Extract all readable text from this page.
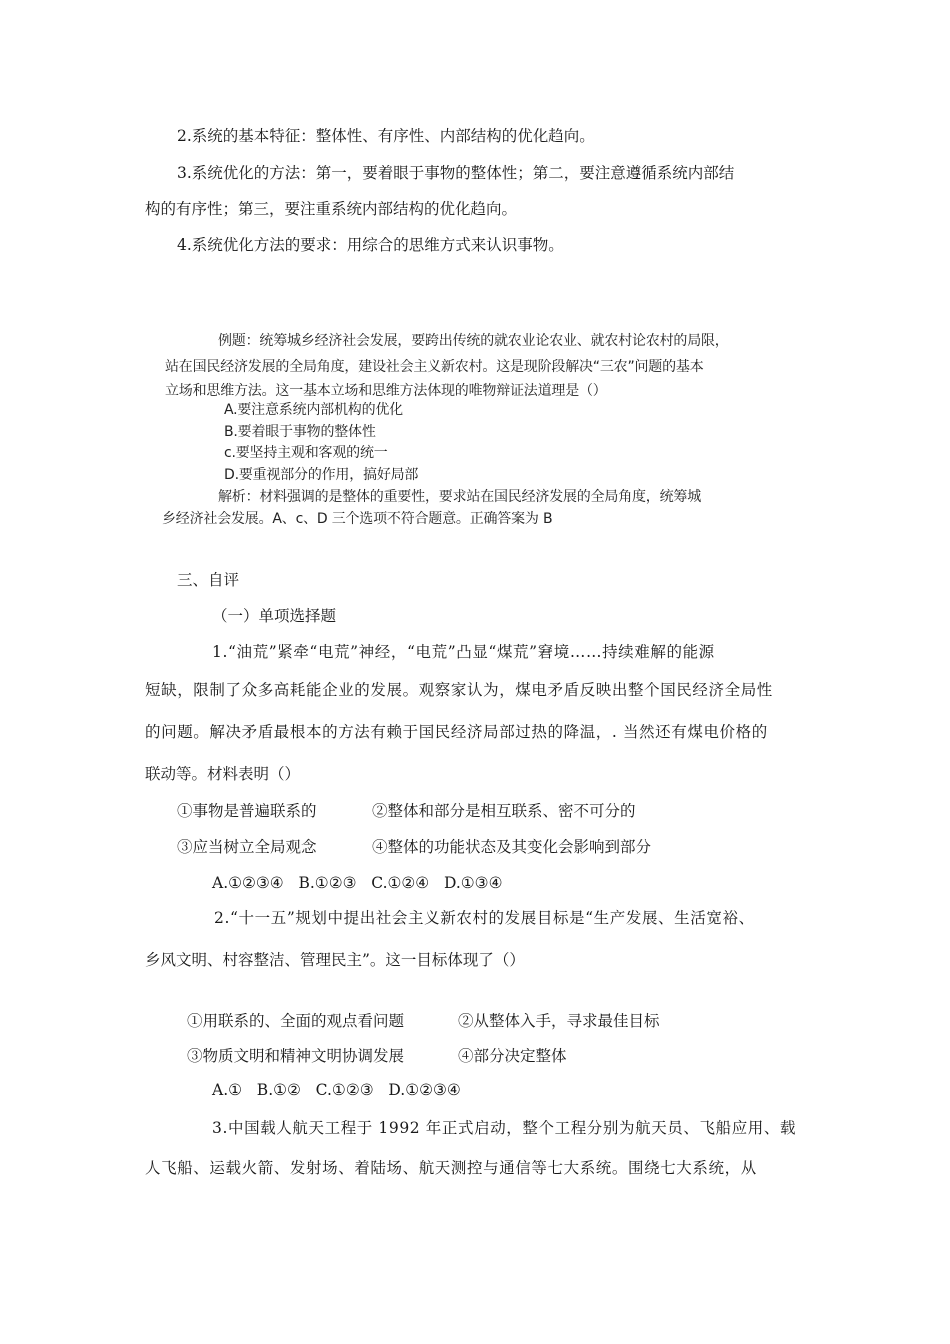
2.系统的基本特征：整体性、有序性、内部结构的优化趋向。
3.系统优化的方法：第一，要着眼于事物的整体性；第二，要注意遵循系统内部结
构的有序性；第三，要注重系统内部结构的优化趋向。
4.系统优化方法的要求：用综合的思维方式来认识事物。
例题：统筹城乡经济社会发展，要跨出传统的就农业论农业、就农村论农村的局限，
站在国民经济发展的全局角度，建设社会主义新农村。这是现阶段解决“三农”问题的基本
立场和思维方法。这一基本立场和思维方法体现的唯物辩证法道理是（）
A.要注意系统内部机构的优化
B.要着眼于事物的整体性
c.要坚持主观和客观的统一
D.要重视部分的作用，搞好局部
解析：材料强调的是整体的重要性，要求站在国民经济发展的全局角度，统筹城
乡经济社会发展。A、c、D 三个选项不符合题意。正确答案为 B
三、自评
（一）单项选择题
1.“油荒”紧牵“电荒”神经，“电荒”凸显“煤荒”窘境……持续难解的能源
短缺，限制了众多高耗能企业的发展。观察家认为，煤电矛盾反映出整个国民经济全局性
的问题。解决矛盾最根本的方法有赖于国民经济局部过热的降温，. 当然还有煤电价格的
联动等。材料表明（）
①事物是普遍联系的	②整体和部分是相互联系、密不可分的
③应当树立全局观念	④整体的功能状态及其变化会影响到部分
A.①②③④   B.①②③   C.①②④   D.①③④
2.“十一五”规划中提出社会主义新农村的发展目标是“生产发展、生活宽裕、
乡风文明、村容整洁、管理民主”。这一目标体现了（）
①用联系的、全面的观点看问题	②从整体入手，寻求最佳目标
③物质文明和精神文明协调发展	④部分决定整体
A.①   B.①②   C.①②③   D.①②③④
3.中国载人航天工程于 1992 年正式启动，整个工程分别为航天员、飞船应用、载
人飞船、运载火箭、发射场、着陆场、航天测控与通信等七大系统。围绕七大系统，从
